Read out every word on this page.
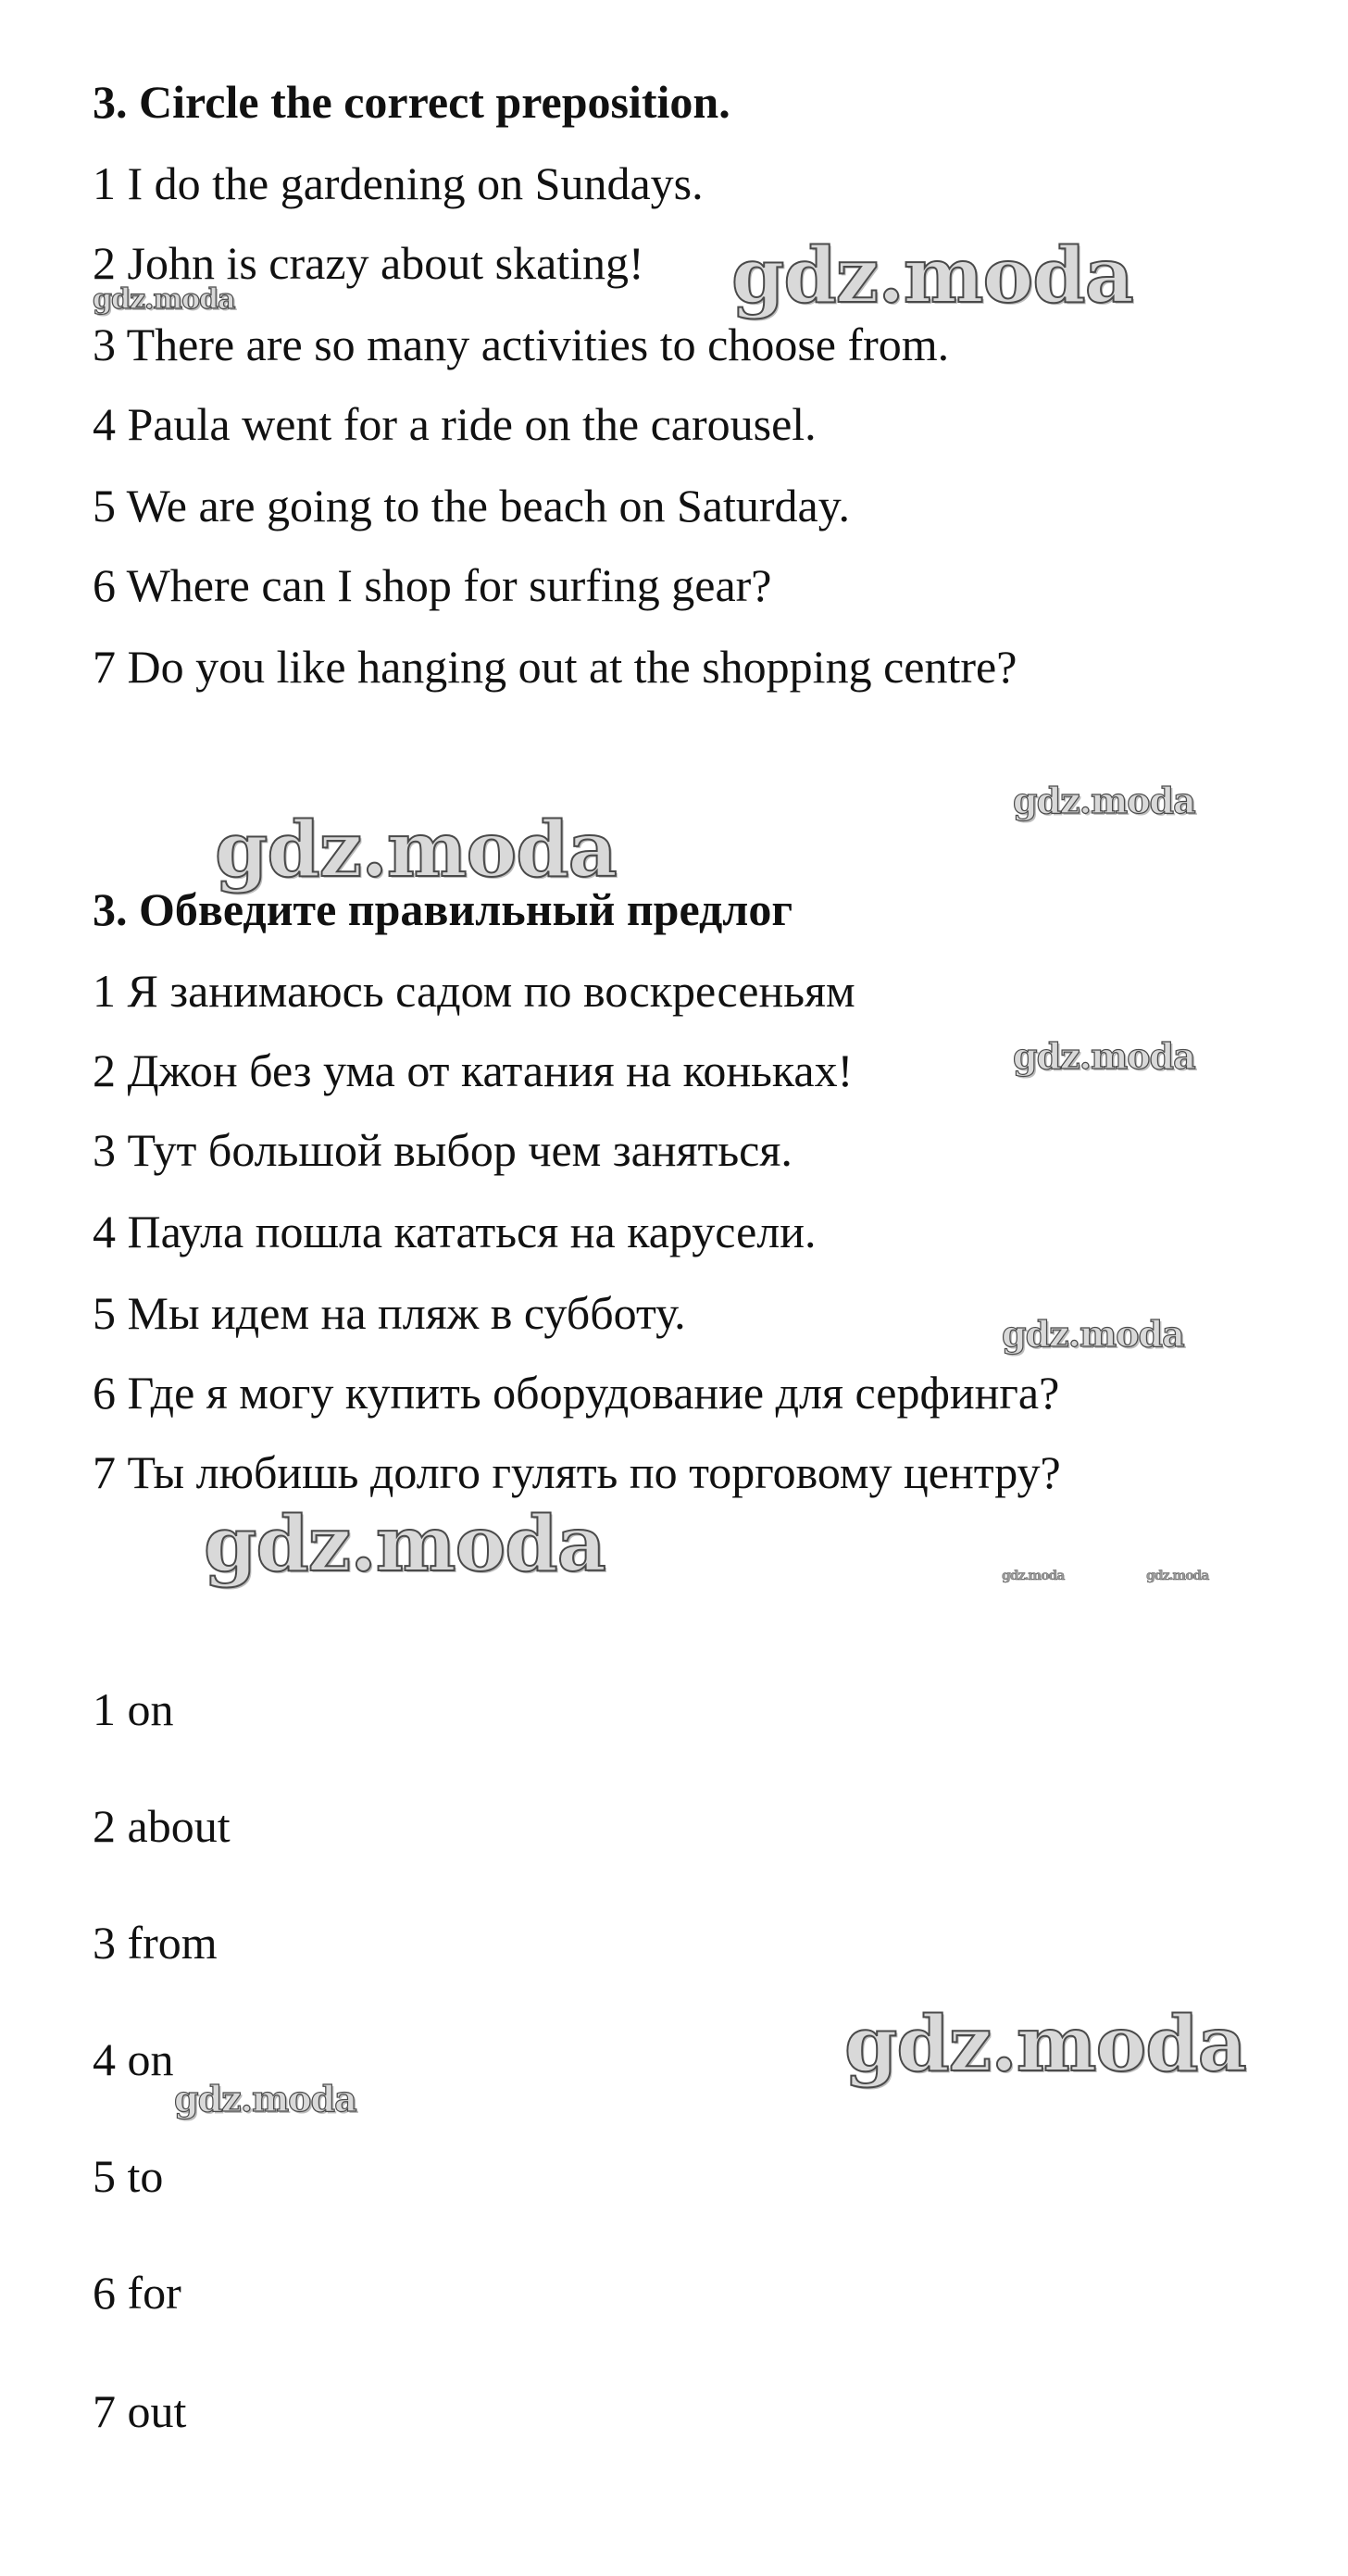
3. Circle the correct preposition.
1 I do the gardening on Sundays.
2 John is crazy about skating!
3 There are so many activities to choose from.
4 Paula went for a ride on the carousel.
5 We are going to the beach on Saturday.
6 Where can I shop for surfing gear?
7 Do you like hanging out at the shopping centre?
3. Обведите правильный предлог
1 Я занимаюсь садом по воскресеньям
2 Джон без ума от катания на коньках!
3 Тут большой выбор чем заняться.
4 Паула пошла кататься на карусели.
5 Мы идем на пляж в субботу.
6 Где я могу купить оборудование для серфинга?
7 Ты любишь долго гулять по торговому центру?
1 on
2 about
3 from
4 on
5 to
6 for
7 out
gdz.moda
gdz.moda
gdz.moda
gdz.moda
gdz.moda
gdz.moda
gdz.moda	gdz.moda	gdz.moda
gdz.moda
gdz.moda
